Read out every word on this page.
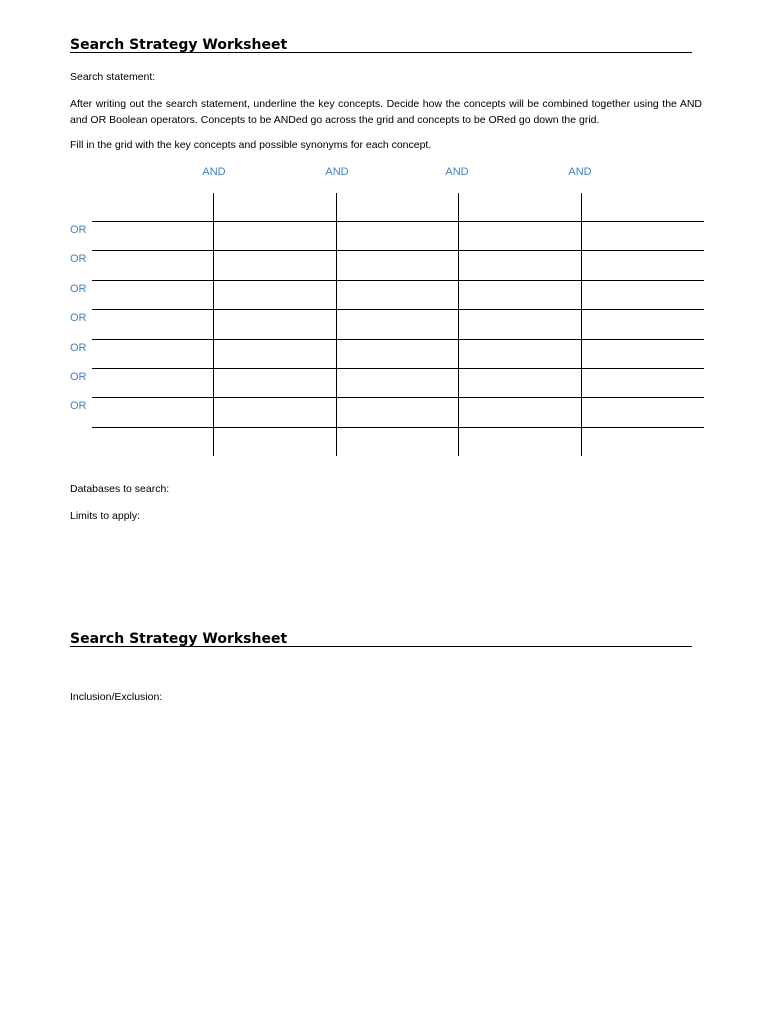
Search Strategy Worksheet
Search statement:
After writing out the search statement, underline the key concepts. Decide how the concepts will be combined together using the AND and OR Boolean operators. Concepts to be ANDed go across the grid and concepts to be ORed go down the grid.
Fill in the grid with the key concepts and possible synonyms for each concept.
AND	AND	AND	AND
OR
OR
OR
OR
OR
OR
OR
Databases to search:
Limits to apply:
Search Strategy Worksheet
Inclusion/Exclusion:
